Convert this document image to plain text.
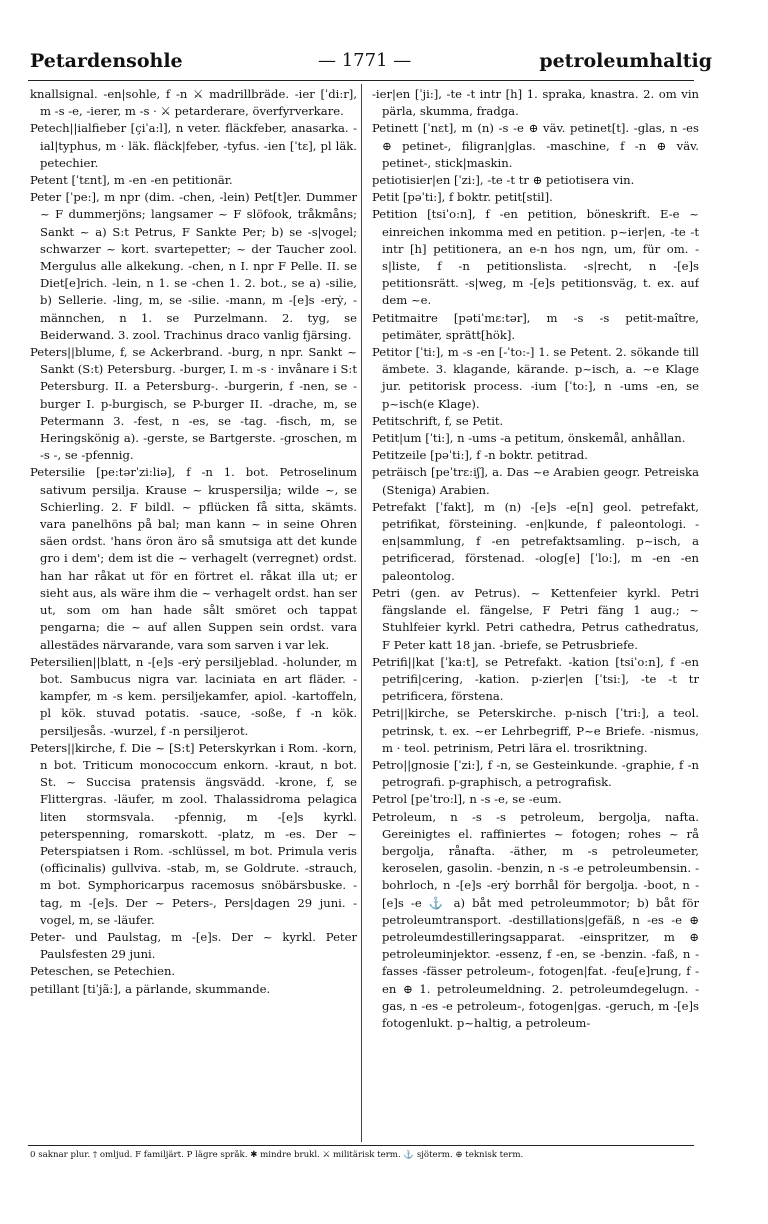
Petardensohle	— 1771 —	petroleumhaltig

knallsignal. -en|sohle, f -n ⚔ madrillbräde. -ier [ˈdi:r], m -s -e, -ierer, m -s · ⚔ petarderare, överfyrverkare.

Petech||ialfieber [çiˈa:l], n veter. fläckfeber, anasarka. -ial|typhus, m · läk. fläck|feber, -tyfus. -ien [ˈtɛ], pl läk. petechier.

Petent [ˈtɛnt], m -en -en petitionär.

Peter [ˈpe:], m npr (dim. -chen, -lein) Pet[t]er. Dummer ~ F dummerjöns; langsamer ~ F slöfook, tråkmåns; Sankt ~ a) S:t Petrus, F Sankte Per; b) se -s|vogel; schwarzer ~ kort. svartepetter; ~ der Taucher zool. Mergulus alle alkekung. -chen, n I. npr F Pelle. II. se Diet[e]rich. -lein, n 1. se -chen 1. 2. bot., se a) -silie, b) Sellerie. -ling, m, se -silie. -mann, m -[e]s -erẏ, -männchen, n 1. se Purzelmann. 2. tyg, se Beiderwand. 3. zool. Trachinus draco vanlig fjärsing.

Peters||blume, f, se Ackerbrand. -burg, n npr. Sankt ~ Sankt (S:t) Petersburg. -burger, I. m -s · invånare i S:t Petersburg. II. a Petersburg-. -burgerin, f -nen, se -burger I. p-burgisch, se P-burger II. -drache, m, se Petermann 3. -fest, n -es, se -tag. -fisch, m, se Heringskönig a). -gerste, se Bartgerste. -groschen, m -s -, se -pfennig.

Petersilie [pe:tərˈzi:liə], f -n 1. bot. Petroselinum sativum persilja. Krause ~ kruspersilja; wilde ~, se Schierling. 2. F bildl. ~ pflücken få sitta, skämts. vara panelhöns på bal; man kann ~ in seine Ohren säen ordst. 'hans öron äro så smutsiga att det kunde gro i dem'; dem ist die ~ verhagelt (verregnet) ordst. han har råkat ut för en förtret el. råkat illa ut; er sieht aus, als wäre ihm die ~ verhagelt ordst. han ser ut, som om han hade sålt smöret och tappat pengarna; die ~ auf allen Suppen sein ordst. vara allestädes närvarande, vara som sarven i var lek.

Petersilien||blatt, n -[e]s -erẏ persiljeblad. -holunder, m bot. Sambucus nigra var. laciniata en art fläder. -kampfer, m -s kem. persiljekamfer, apiol. -kartoffeln, pl kök. stuvad potatis. -sauce, -soße, f -n kök. persiljesås. -wurzel, f -n persiljerot.

Peters||kirche, f. Die ~ [S:t] Peterskyrkan i Rom. -korn, n bot. Triticum monococcum enkorn. -kraut, n bot. St. ~ Succisa pratensis ängsvädd. -krone, f, se Flittergras. -läufer, m zool. Thalassidroma pelagica liten stormsvala. -pfennig, m -[e]s kyrkl. peterspenning, romarskott. -platz, m -es. Der ~ Peterspiatsen i Rom. -schlüssel, m bot. Primula veris (officinalis) gullviva. -stab, m, se Goldrute. -strauch, m bot. Symphoricarpus racemosus snöbärsbuske. -tag, m -[e]s. Der ~ Peters-, Pers|dagen 29 juni. -vogel, m, se -läufer.

Peter- und Paulstag, m -[e]s. Der ~ kyrkl. Peter Paulsfesten 29 juni.

Peteschen, se Petechien.

petillant [tiˈjã:], a pärlande, skummande.

-ier|en [ˈji:], -te -t intr [h] 1. spraka, knastra. 2. om vin pärla, skumma, fradga.

Petinett [ˈnɛt], m (n) -s -e ⊕ väv. petinet[t]. -glas, n -es ⊕ petinet-, filigran|glas. -maschine, f -n ⊕ väv. petinet-, stick|maskin.

petiotisier|en [ˈzi:], -te -t tr ⊕ petiotisera vin.

Petit [pəˈti:], f boktr. petit[stil].

Petition [tsiˈo:n], f -en petition, böneskrift. E-e ~ einreichen inkomma med en petition. p~ier|en, -te -t intr [h] petitionera, an e-n hos ngn, um, für om. -s|liste, f -n petitionslista. -s|recht, n -[e]s petitionsrätt. -s|weg, m -[e]s petitionsväg, t. ex. auf dem ~e.

Petitmaitre [pətiˈmɛ:tər], m -s -s petit-maître, petimäter, sprätt[hök].

Petitor [ˈti:], m -s -en [-ˈto:-] 1. se Petent. 2. sökande till ämbete. 3. klagande, kärande. p~isch, a. ~e Klage jur. petitorisk process. -ium [ˈto:], n -ums -en, se p~isch(e Klage).

Petitschrift, f, se Petit.

Petit|um [ˈti:], n -ums -a petitum, önskemål, anhållan.

Petitzeile [pəˈti:], f -n boktr. petitrad.

peträisch [peˈtrɛ:iʃ], a. Das ~e Arabien geogr. Petreiska (Steniga) Arabien.

Petrefakt [ˈfakt], m (n) -[e]s -e[n] geol. petrefakt, petrifikat, försteining. -en|kunde, f paleontologi. -en|sammlung, f -en petrefaktsamling. p~isch, a petrificerad, förstenad. -olog[e] [ˈlo:], m -en -en paleontolog.

Petri (gen. av Petrus). ~ Kettenfeier kyrkl. Petri fängslande el. fängelse, F Petri fäng 1 aug.; ~ Stuhlfeier kyrkl. Petri cathedra, Petrus cathedratus, F Peter katt 18 jan. -briefe, se Petrusbriefe.

Petrifi||kat [ˈka:t], se Petrefakt. -kation [tsiˈo:n], f -en petrifi|cering, -kation. p-zier|en [ˈtsi:], -te -t tr petrificera, förstena.

Petri||kirche, se Peterskirche. p-nisch [ˈtri:], a teol. petrinsk, t. ex. ~er Lehrbegriff, P~e Briefe. -nismus, m · teol. petrinism, Petri lära el. trosriktning.

Petro||gnosie [ˈzi:], f -n, se Gesteinkunde. -graphie, f -n petrografi. p-graphisch, a petrografisk.

Petrol [peˈtro:l], n -s -e, se -eum.

Petroleum, n -s -s petroleum, bergolja, nafta. Gereinigtes el. raffiniertes ~ fotogen; rohes ~ rå bergolja, rånafta. -äther, m -s petroleumeter, keroselen, gasolin. -benzin, n -s -e petroleumbensin. -bohrloch, n -[e]s -erẏ borrhål för bergolja. -boot, n -[e]s -e ⚓ a) båt med petroleummotor; b) båt för petroleumtransport. -destillations|gefäß, n -es -e ⊕ petroleumdestilleringsapparat. -einspritzer, m ⊕ petroleuminjektor. -essenz, f -en, se -benzin. -faß, n -fasses -fässer petroleum-, fotogen|fat. -feu[e]rung, f -en ⊕ 1. petroleumeldning. 2. petroleumdegelugn. -gas, n -es -e petroleum-, fotogen|gas. -geruch, m -[e]s fotogenlukt. p~haltig, a petroleum-

0 saknar plur. † omljud. F familjärt. P lägre språk. ✱ mindre brukl. ⚔ militärisk term. ⚓ sjöterm. ⊕ teknisk term.
